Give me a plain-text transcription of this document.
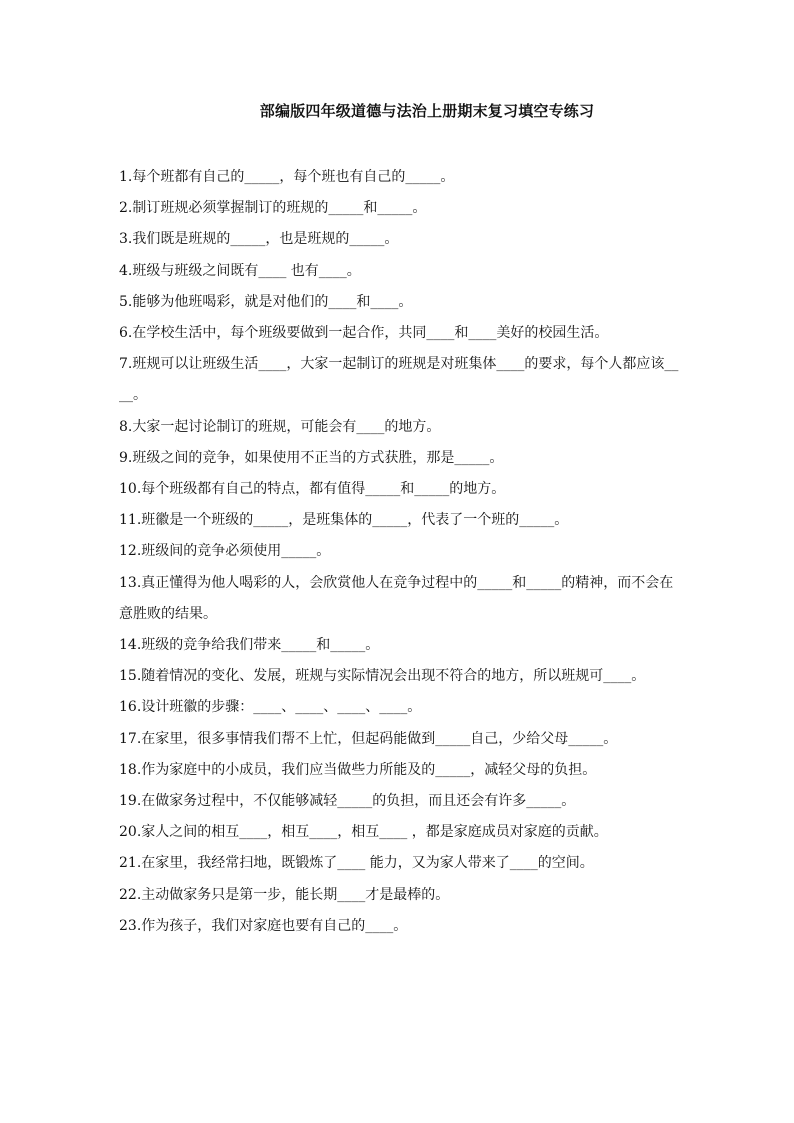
部编版四年级道德与法治上册期末复习填空专练习

1.每个班都有自己的_____，每个班也有自己的_____。

2.制订班规必须掌握制订的班规的_____和_____。

3.我们既是班规的_____，也是班规的_____。

4.班级与班级之间既有____ 也有____。

5.能够为他班喝彩，就是对他们的____和____。

6.在学校生活中，每个班级要做到一起合作，共同____和____美好的校园生活。

7.班规可以让班级生活____，大家一起制订的班规是对班集体____的要求，每个人都应该____。

8.大家一起讨论制订的班规，可能会有____的地方。

9.班级之间的竞争，如果使用不正当的方式获胜，那是_____。

10.每个班级都有自己的特点，都有值得_____和_____的地方。

11.班徽是一个班级的_____，是班集体的_____，代表了一个班的_____。

12.班级间的竞争必须使用_____。

13.真正懂得为他人喝彩的人，会欣赏他人在竞争过程中的_____和_____的精神，而不会在意胜败的结果。

14.班级的竞争给我们带来_____和_____。

15.随着情况的变化、发展，班规与实际情况会出现不符合的地方，所以班规可____。

16.设计班徽的步骤：____、____、____、____。

17.在家里，很多事情我们帮不上忙，但起码能做到_____自己，少给父母_____。

18.作为家庭中的小成员，我们应当做些力所能及的_____，减轻父母的负担。

19.在做家务过程中，不仅能够减轻_____的负担，而且还会有许多_____。

20.家人之间的相互____，相互____，相互____ ，都是家庭成员对家庭的贡献。

21.在家里，我经常扫地，既锻炼了____ 能力，又为家人带来了____的空间。

22.主动做家务只是第一步，能长期____才是最棒的。

23.作为孩子，我们对家庭也要有自己的____。
